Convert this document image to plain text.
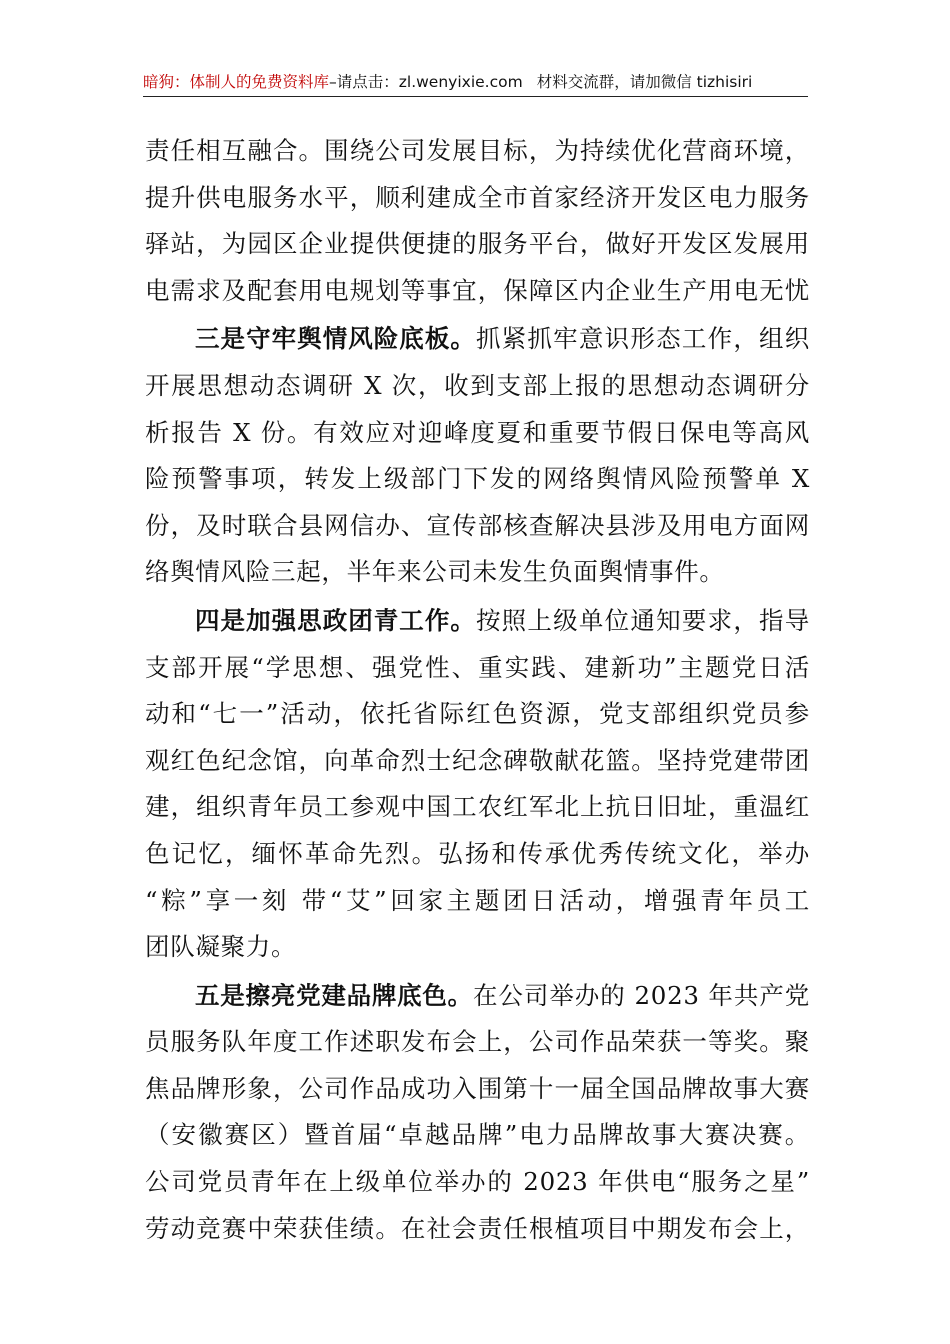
暗狗：体制人的免费资料库–请点击：zl.wenyixie.com 材料交流群，请加微信 tizhisiri
责任相互融合。围绕公司发展目标，为持续优化营商环境，
提升供电服务水平，顺利建成全市首家经济开发区电力服务
驿站，为园区企业提供便捷的服务平台，做好开发区发展用
电需求及配套用电规划等事宜，保障区内企业生产用电无忧
三是守牢舆情风险底板。抓紧抓牢意识形态工作，组织
开展思想动态调研 X 次，收到支部上报的思想动态调研分
析报告 X 份。有效应对迎峰度夏和重要节假日保电等高风
险预警事项，转发上级部门下发的网络舆情风险预警单 X
份，及时联合县网信办、宣传部核查解决县涉及用电方面网
络舆情风险三起，半年来公司未发生负面舆情事件。
四是加强思政团青工作。按照上级单位通知要求，指导
支部开展“学思想、强党性、重实践、建新功”主题党日活
动和“七一”活动，依托省际红色资源，党支部组织党员参
观红色纪念馆，向革命烈士纪念碑敬献花篮。坚持党建带团
建，组织青年员工参观中国工农红军北上抗日旧址，重温红
色记忆，缅怀革命先烈。弘扬和传承优秀传统文化，举办
“粽”享一刻 带“艾”回家主题团日活动，增强青年员工
团队凝聚力。
五是擦亮党建品牌底色。在公司举办的 2023 年共产党
员服务队年度工作述职发布会上，公司作品荣获一等奖。聚
焦品牌形象，公司作品成功入围第十一届全国品牌故事大赛
（安徽赛区）暨首届“卓越品牌”电力品牌故事大赛决赛。
公司党员青年在上级单位举办的 2023 年供电“服务之星”
劳动竞赛中荣获佳绩。在社会责任根植项目中期发布会上，
